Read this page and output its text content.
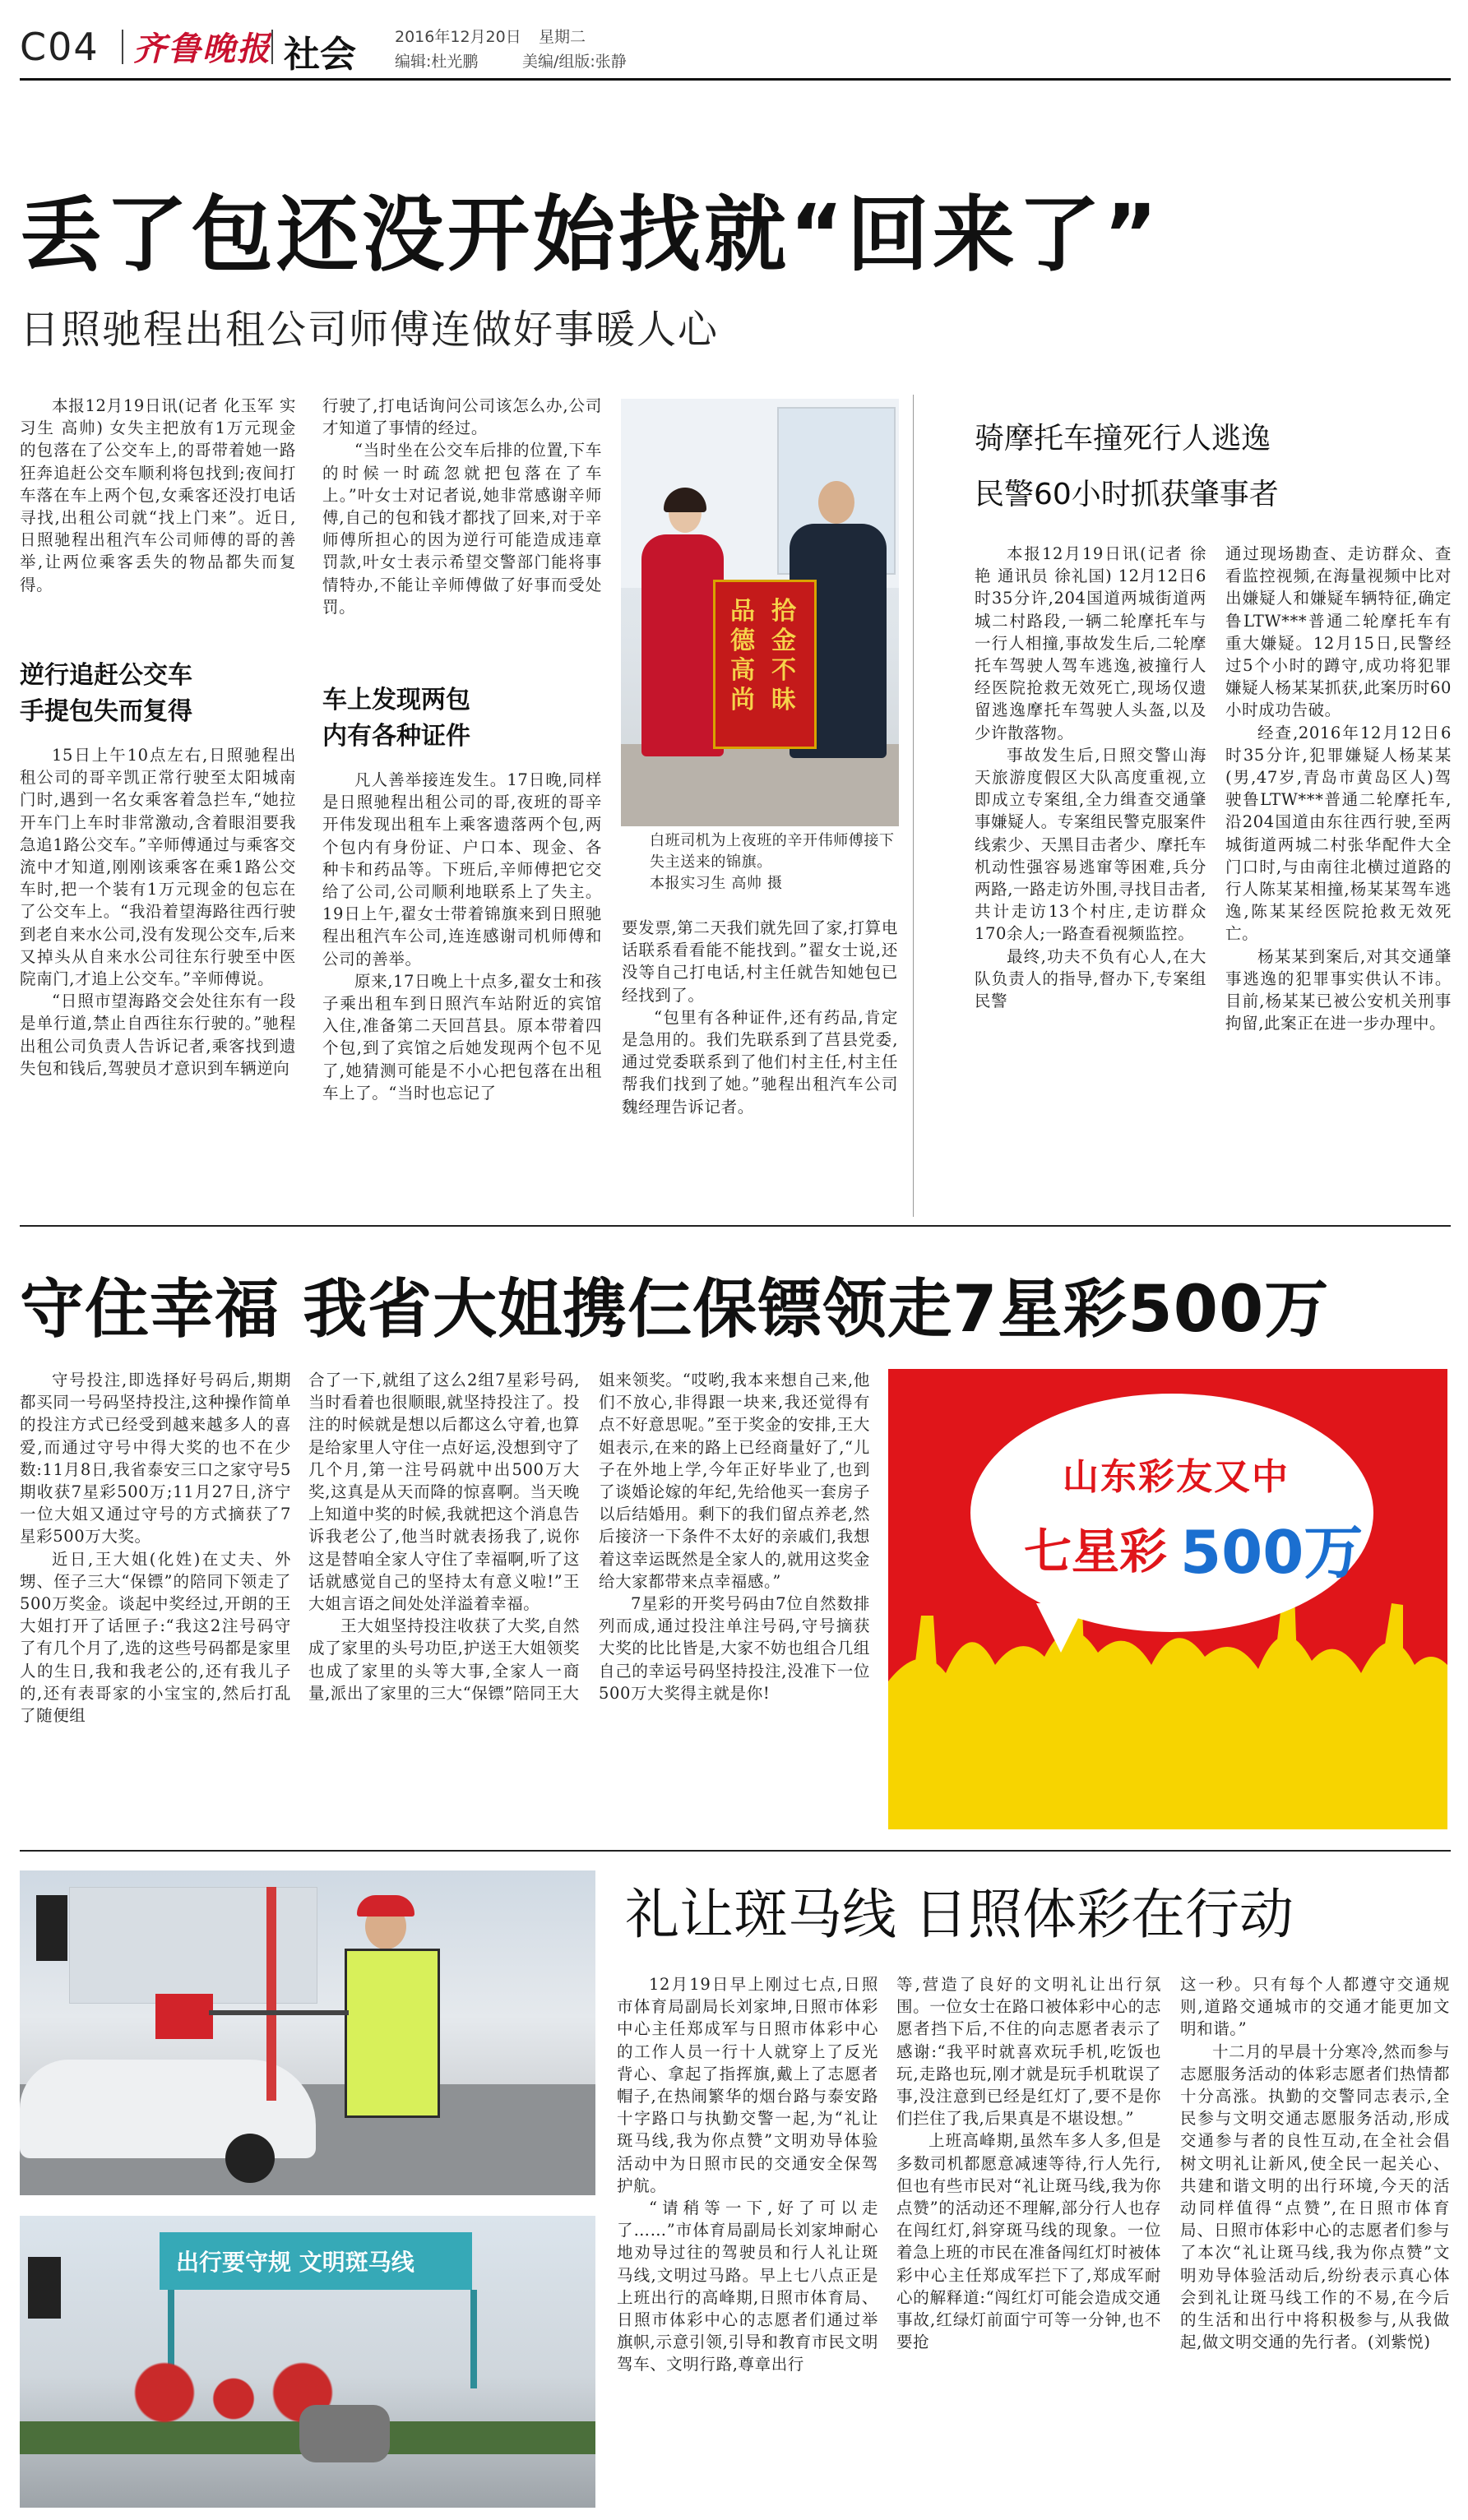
C04 齐鲁晚报 社会 2016年12月20日 星期二
编辑:杜光鹏	美编/组版:张静
丢了包还没开始找就“回来了”
日照驰程出租公司师傅连做好事暖人心

本报12月19日讯(记者 化玉军 实习生 高帅) 女失主把放有1万元现金的包落在了公交车上,的哥带着她一路狂奔追赶公交车顺利将包找到;夜间打车落在车上两个包,女乘客还没打电话寻找,出租公司就“找上门来”。近日,日照驰程出租汽车公司师傅的哥的善举,让两位乘客丢失的物品都失而复得。

逆行追赶公交车
手提包失而复得

15日上午10点左右,日照驰程出租公司的哥辛凯正常行驶至太阳城南门时,遇到一名女乘客着急拦车,“她拉开车门上车时非常激动,含着眼泪要我急追1路公交车。”辛师傅通过与乘客交流中才知道,刚刚该乘客在乘1路公交车时,把一个装有1万元现金的包忘在了公交车上。“我沿着望海路往西行驶到老自来水公司,没有发现公交车,后来又掉头从自来水公司往东行驶至中医院南门,才追上公交车。”辛师傅说。

“日照市望海路交会处往东有一段是单行道,禁止自西往东行驶的。”驰程出租公司负责人告诉记者,乘客找到遗失包和钱后,驾驶员才意识到车辆逆向

行驶了,打电话询问公司该怎么办,公司才知道了事情的经过。

“当时坐在公交车后排的位置,下车的时候一时疏忽就把包落在了车上。”叶女士对记者说,她非常感谢辛师傅,自己的包和钱才都找了回来,对于辛师傅所担心的因为逆行可能造成违章罚款,叶女士表示希望交警部门能将事情特办,不能让辛师傅做了好事而受处罚。

车上发现两包
内有各种证件

凡人善举接连发生。17日晚,同样是日照驰程出租公司的哥,夜班的哥辛开伟发现出租车上乘客遗落两个包,两个包内有身份证、户口本、现金、各种卡和药品等。下班后,辛师傅把它交给了公司,公司顺利地联系上了失主。19日上午,翟女士带着锦旗来到日照驰程出租汽车公司,连连感谢司机师傅和公司的善举。

原来,17日晚上十点多,翟女士和孩子乘出租车到日照汽车站附近的宾馆入住,准备第二天回莒县。原本带着四个包,到了宾馆之后她发现两个包不见了,她猜测可能是不小心把包落在出租车上了。“当时也忘记了

拾金不昧
品德高尚
白班司机为上夜班的辛开伟师傅接下失主送来的锦旗。
本报实习生 高帅 摄

要发票,第二天我们就先回了家,打算电话联系看看能不能找到。”翟女士说,还没等自己打电话,村主任就告知她包已经找到了。

“包里有各种证件,还有药品,肯定是急用的。我们先联系到了莒县党委,通过党委联系到了他们村主任,村主任帮我们找到了她。”驰程出租汽车公司魏经理告诉记者。

骑摩托车撞死行人逃逸
民警60小时抓获肇事者

本报12月19日讯(记者 徐艳 通讯员 徐礼国) 12月12日6时35分许,204国道两城街道两城二村路段,一辆二轮摩托车与一行人相撞,事故发生后,二轮摩托车驾驶人驾车逃逸,被撞行人经医院抢救无效死亡,现场仅遗留逃逸摩托车驾驶人头盔,以及少许散落物。

事故发生后,日照交警山海天旅游度假区大队高度重视,立即成立专案组,全力缉查交通肇事嫌疑人。专案组民警克服案件线索少、天黑目击者少、摩托车机动性强容易逃窜等困难,兵分两路,一路走访外围,寻找目击者,共计走访13个村庄,走访群众170余人;一路查看视频监控。

最终,功夫不负有心人,在大队负责人的指导,督办下,专案组民警

通过现场勘查、走访群众、查看监控视频,在海量视频中比对出嫌疑人和嫌疑车辆特征,确定鲁LTW***普通二轮摩托车有重大嫌疑。12月15日,民警经过5个小时的蹲守,成功将犯罪嫌疑人杨某某抓获,此案历时60小时成功告破。

经查,2016年12月12日6时35分许,犯罪嫌疑人杨某某(男,47岁,青岛市黄岛区人)驾驶鲁LTW***普通二轮摩托车,沿204国道由东往西行驶,至两城街道两城二村张华配件大全门口时,与由南往北横过道路的行人陈某某相撞,杨某某驾车逃逸,陈某某经医院抢救无效死亡。

杨某某到案后,对其交通肇事逃逸的犯罪事实供认不讳。目前,杨某某已被公安机关刑事拘留,此案正在进一步办理中。

守住幸福 我省大姐携仨保镖领走7星彩500万

守号投注,即选择好号码后,期期都买同一号码坚持投注,这种操作简单的投注方式已经受到越来越多人的喜爱,而通过守号中得大奖的也不在少数:11月8日,我省泰安三口之家守号5期收获7星彩500万;11月27日,济宁一位大姐又通过守号的方式摘获了7星彩500万大奖。

近日,王大姐(化姓)在丈夫、外甥、侄子三大“保镖”的陪同下领走了500万奖金。谈起中奖经过,开朗的王大姐打开了话匣子:“我这2注号码守了有几个月了,选的这些号码都是家里人的生日,我和我老公的,还有我儿子的,还有表哥家的小宝宝的,然后打乱了随便组

合了一下,就组了这么2组7星彩号码,当时看着也很顺眼,就坚持投注了。投注的时候就是想以后都这么守着,也算是给家里人守住一点好运,没想到守了几个月,第一注号码就中出500万大奖,这真是从天而降的惊喜啊。当天晚上知道中奖的时候,我就把这个消息告诉我老公了,他当时就表扬我了,说你这是替咱全家人守住了幸福啊,听了这话就感觉自己的坚持太有意义啦!”王大姐言语之间处处洋溢着幸福。

王大姐坚持投注收获了大奖,自然成了家里的头号功臣,护送王大姐领奖也成了家里的头等大事,全家人一商量,派出了家里的三大“保镖”陪同王大

姐来领奖。“哎哟,我本来想自己来,他们不放心,非得跟一块来,我还觉得有点不好意思呢。”至于奖金的安排,王大姐表示,在来的路上已经商量好了,“儿子在外地上学,今年正好毕业了,也到了谈婚论嫁的年纪,先给他买一套房子以后结婚用。剩下的我们留点养老,然后接济一下条件不太好的亲戚们,我想着这幸运既然是全家人的,就用这奖金给大家都带来点幸福感。”

7星彩的开奖号码由7位自然数排列而成,通过投注单注号码,守号摘获大奖的比比皆是,大家不妨也组合几组自己的幸运号码坚持投注,没准下一位500万大奖得主就是你!

山东彩友又中
七星彩 500万
礼让斑马线 日照体彩在行动
出行要守规 文明斑马线

12月19日早上刚过七点,日照市体育局副局长刘家坤,日照市体彩中心主任郑成军与日照市体彩中心的工作人员一行十人就穿上了反光背心、拿起了指挥旗,戴上了志愿者帽子,在热闹繁华的烟台路与泰安路十字路口与执勤交警一起,为“礼让斑马线,我为你点赞”文明劝导体验活动中为日照市民的交通安全保驾护航。

“请稍等一下,好了可以走了……”市体育局副局长刘家坤耐心地劝导过往的驾驶员和行人礼让斑马线,文明过马路。早上七八点正是上班出行的高峰期,日照市体育局、日照市体彩中心的志愿者们通过举旗帜,示意引领,引导和教育市民文明驾车、文明行路,尊章出行

等,营造了良好的文明礼让出行氛围。一位女士在路口被体彩中心的志愿者挡下后,不住的向志愿者表示了感谢:“我平时就喜欢玩手机,吃饭也玩,走路也玩,刚才就是玩手机耽误了事,没注意到已经是红灯了,要不是你们拦住了我,后果真是不堪设想。”

上班高峰期,虽然车多人多,但是多数司机都愿意减速等待,行人先行,但也有些市民对“礼让斑马线,我为你点赞”的活动还不理解,部分行人也存在闯红灯,斜穿斑马线的现象。一位着急上班的市民在准备闯红灯时被体彩中心主任郑成军拦下了,郑成军耐心的解释道:“闯红灯可能会造成交通事故,红绿灯前面宁可等一分钟,也不要抢

这一秒。只有每个人都遵守交通规则,道路交通城市的交通才能更加文明和谐。”

十二月的早晨十分寒冷,然而参与志愿服务活动的体彩志愿者们热情都十分高涨。执勤的交警同志表示,全民参与文明交通志愿服务活动,形成交通参与者的良性互动,在全社会倡树文明礼让新风,使全民一起关心、共建和谐文明的出行环境,今天的活动同样值得“点赞”,在日照市体育局、日照市体彩中心的志愿者们参与了本次“礼让斑马线,我为你点赞”文明劝导体验活动后,纷纷表示真心体会到礼让斑马线工作的不易,在今后的生活和出行中将积极参与,从我做起,做文明交通的先行者。(刘紫悦)
